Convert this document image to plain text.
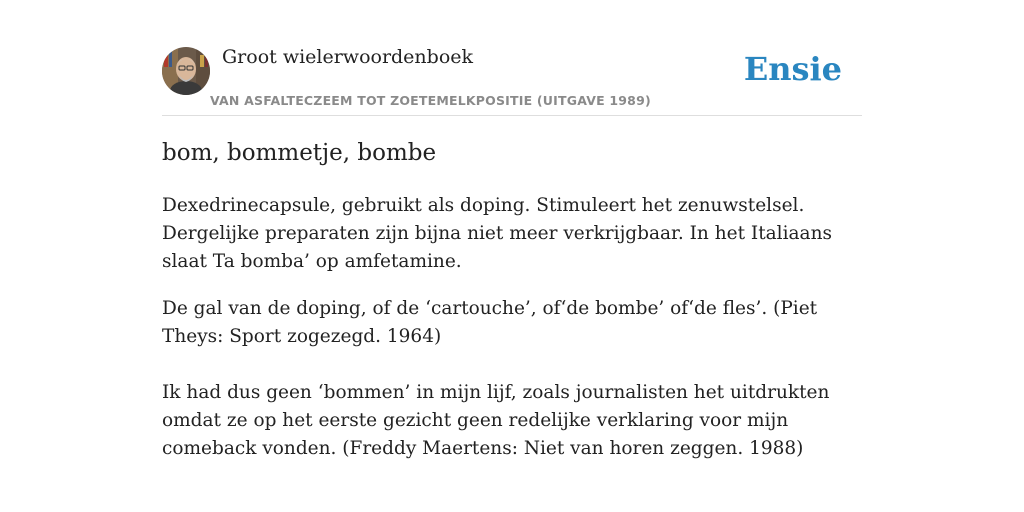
Groot wielerwoordenboek
VAN ASFALTECZEEM TOT ZOETEMELKPOSITIE (UITGAVE 1989)
Ensie
bom, bommetje, bombe

Dexedrinecapsule, gebruikt als doping. Stimuleert het zenuwstelsel. Dergelijke preparaten zijn bijna niet meer verkrijgbaar. In het Italiaans slaat Ta bomba’ op amfetamine.

De gal van de doping, of de ‘cartouche’, of‘de bombe’ of‘de fles’. (Piet Theys: Sport zogezegd. 1964)

Ik had dus geen ‘bommen’ in mijn lijf, zoals journalisten het uitdrukten omdat ze op het eerste gezicht geen redelijke verklaring voor mijn comeback vonden. (Freddy Maertens: Niet van horen zeggen. 1988)
